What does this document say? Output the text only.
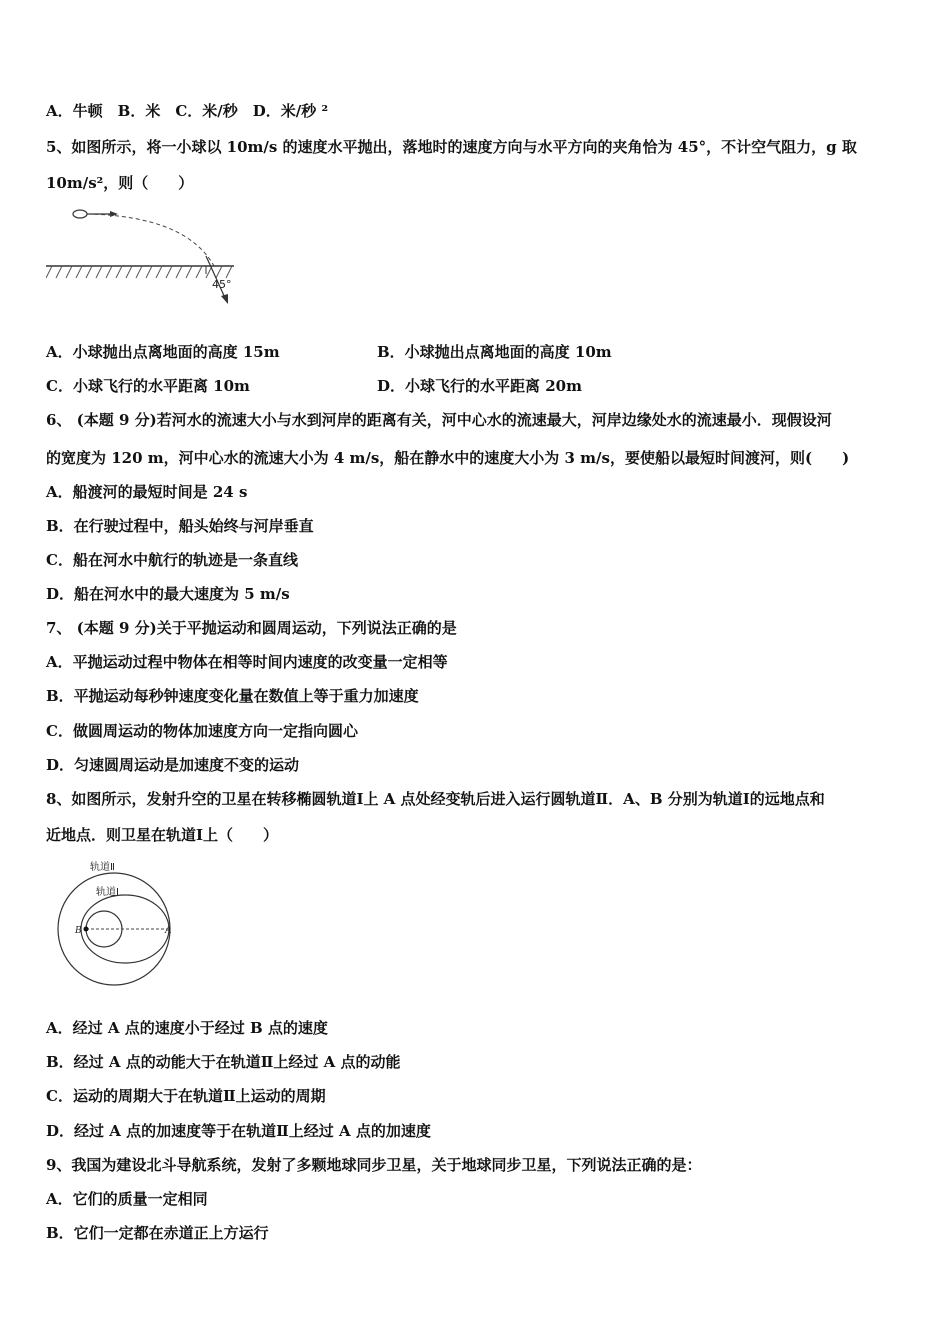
A．牛顿　B．米　C．米/秒　D．米/秒 ²
5、如图所示，将一小球以 10m/s 的速度水平抛出，落地时的速度方向与水平方向的夹角恰为 45°，不计空气阻力，g 取
10m/s²，则（　　）
45°
A．小球抛出点离地面的高度 15m	B．小球抛出点离地面的高度 10m
C．小球飞行的水平距离 10m	D．小球飞行的水平距离 20m
6、 (本题 9 分)若河水的流速大小与水到河岸的距离有关，河中心水的流速最大，河岸边缘处水的流速最小．现假设河
的宽度为 120 m，河中心水的流速大小为 4 m/s，船在静水中的速度大小为 3 m/s，要使船以最短时间渡河，则(　　)
A．船渡河的最短时间是 24 s
B．在行驶过程中，船头始终与河岸垂直
C．船在河水中航行的轨迹是一条直线
D．船在河水中的最大速度为 5 m/s
7、 (本题 9 分)关于平抛运动和圆周运动，下列说法正确的是
A．平抛运动过程中物体在相等时间内速度的改变量一定相等
B．平抛运动每秒钟速度变化量在数值上等于重力加速度
C．做圆周运动的物体加速度方向一定指向圆心
D．匀速圆周运动是加速度不变的运动
8、如图所示，发射升空的卫星在转移椭圆轨道Ⅰ上 A 点处经变轨后进入运行圆轨道Ⅱ．A、B 分别为轨道Ⅰ的远地点和
近地点．则卫星在轨道Ⅰ上（　　）
轨道Ⅱ
轨道Ⅰ
B	A
A．经过 A 点的速度小于经过 B 点的速度
B．经过 A 点的动能大于在轨道Ⅱ上经过 A 点的动能
C．运动的周期大于在轨道Ⅱ上运动的周期
D．经过 A 点的加速度等于在轨道Ⅱ上经过 A 点的加速度
9、我国为建设北斗导航系统，发射了多颗地球同步卫星，关于地球同步卫星，下列说法正确的是：
A．它们的质量一定相同
B．它们一定都在赤道正上方运行
